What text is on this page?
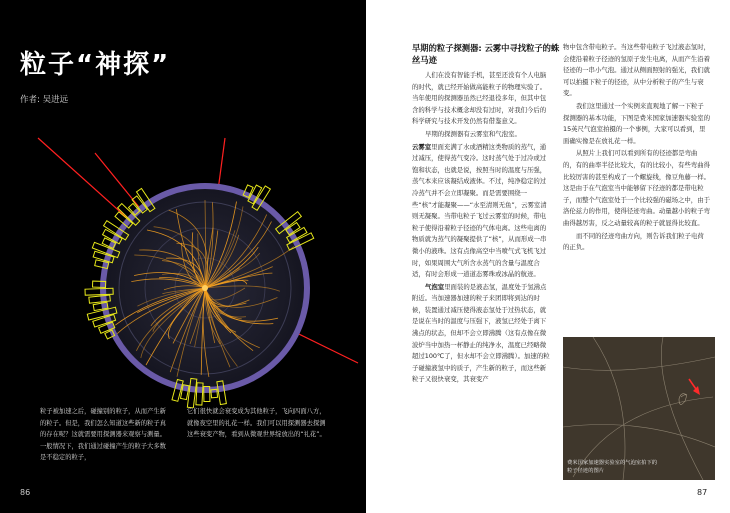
粒子“神探”
作者: 吴进远
粒子被加速之后，碰撞别的粒子，从而产生新的粒子。但是，我们怎么知道这些新的粒子真的存在呢？这就需要用探测器来观察与测量。一般情况下，我们通过碰撞产生的粒子大多数是不稳定的粒子，
它们很快就会衰变成为其他粒子，飞向四面八方，就像夜空里的礼花一样。我们可以用探测器去探测这些衰变产物，看到从微观世界绽放出的“礼花”。
86
早期的粒子探测器: 云雾中寻找粒子的蛛丝马迹

人们在没有智能手机，甚至还没有个人电脑的时代，就已经开始做高能粒子的物理实验了。当年使用的探测器虽然已经退役多年，但其中包含的科学与技术概念却没有过时，对我们今后的科学研究与技术开发仍然有借鉴意义。

早期的探测器有云雾室和气泡室。

云雾室里面充满了水或酒精这类物质的蒸气，通过减压，使得蒸气变冷。这时蒸气处于过冷或过饱和状态，也就是说，按照当时的温度与压强，蒸气本来应该凝结成液体。不过，纯净稳定的过冷蒸气并不会立即凝聚。而是需要围绕一些“核”才能凝聚——“水至清则无鱼”，云雾室清则无凝聚。当带电粒子飞过云雾室的时候，带电粒子使得沿着粒子径迹的气体电离。这些电离的物质就为蒸气的凝聚提供了“核”，从而形成一串微小的液珠。这有点像高空中当喷气式飞机飞过时，如果周围大气所含水蒸气的含量与温度合适，有时会形成一道道态雾珠或冰晶的航迹。

气泡室里面装的是液态氢，温度处于氢沸点附近。当加速器加速的粒子来团即将到达的时候，装置通过减压使得液态氢处于过热状态，就是说在当时的温度与压强下，液氢已经处于离下沸点的状态，但却不会立即沸腾（这有点像在微波炉当中加热一杯静止的纯净水，温度已经略微超过100℃了，但水却不会立即沸腾）。加速的粒子碰撞液氢中的质子，产生新的粒子，而这些新粒子又很快衰变，其衰变产

物中包含带电粒子。当这些带电粒子飞过液态氢时，会使沿着粒子径迹的氢原子发生电离，从而产生沿着径迹的一串小气泡。通过从侧面照射的强光，我们就可以拍摄下粒子的径迹，从中分析粒子的产生与衰变。

我们这里通过一个实例来直观地了解一下粒子探测器的基本功能，下图是费米国家加速器实验室的15英尺气泡室拍摄的一个事例，大家可以看到，里面确实像是在放礼花一样。

从照片上我们可以看到所有的径迹都是弯曲的，有的曲率半径比较大，有的比较小，有些弯曲得比较厉害的甚至构成了一个螺旋线，像豆角藤一样。这是由于在气泡室当中能够留下径迹的都是带电粒子，而整个气泡室处于一个比较强的磁场之中，由于洛伦兹力的作用，使得径迹弯曲。动量越小的粒子弯曲得越厉害，反之动量较高的粒子就显得比较直。

而不同的径迹弯曲方向，则告诉我们粒子电荷的正负。

费米国家加速器实验室的气泡室拍下的粒子径迹的图片
87
